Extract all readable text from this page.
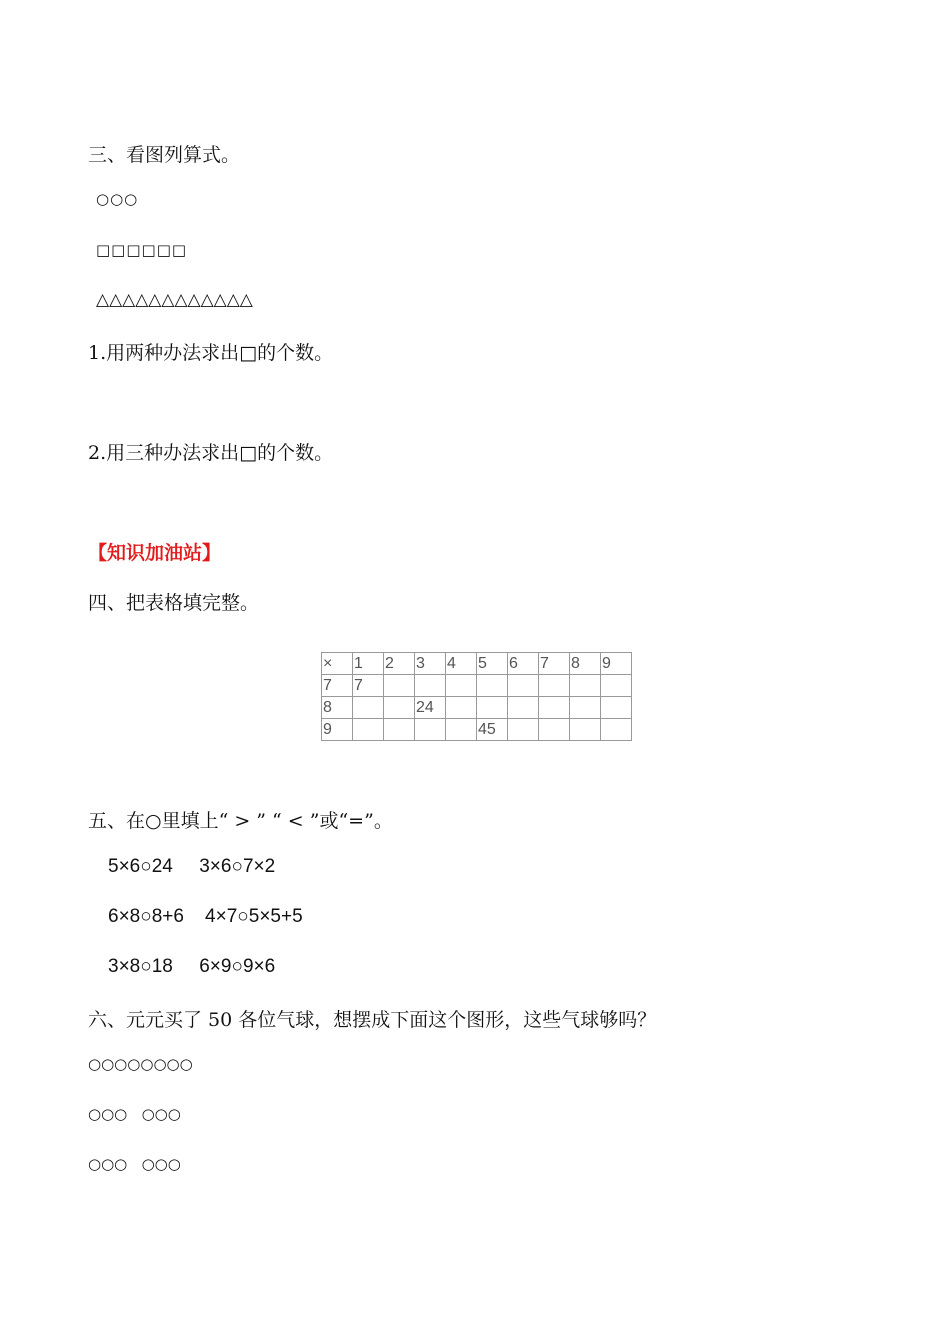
三、看图列算式。
○○○
□□□□□□
△△△△△△△△△△△△
1.用两种办法求出□的个数。
2.用三种办法求出□的个数。
【知识加油站】
四、把表格填完整。
×	1	2	3	4	5	6	7	8	9
7	7								
8			24						
9					45				
五、在○里填上“ > ” “ < ”或“=”。
5×6○24     3×6○7×2
6×8○8+6    4×7○5×5+5
3×8○18     6×9○9×6
六、元元买了 50 各位气球，想摆成下面这个图形，这些气球够吗？
○○○○○○○○
○○○   ○○○
○○○   ○○○
